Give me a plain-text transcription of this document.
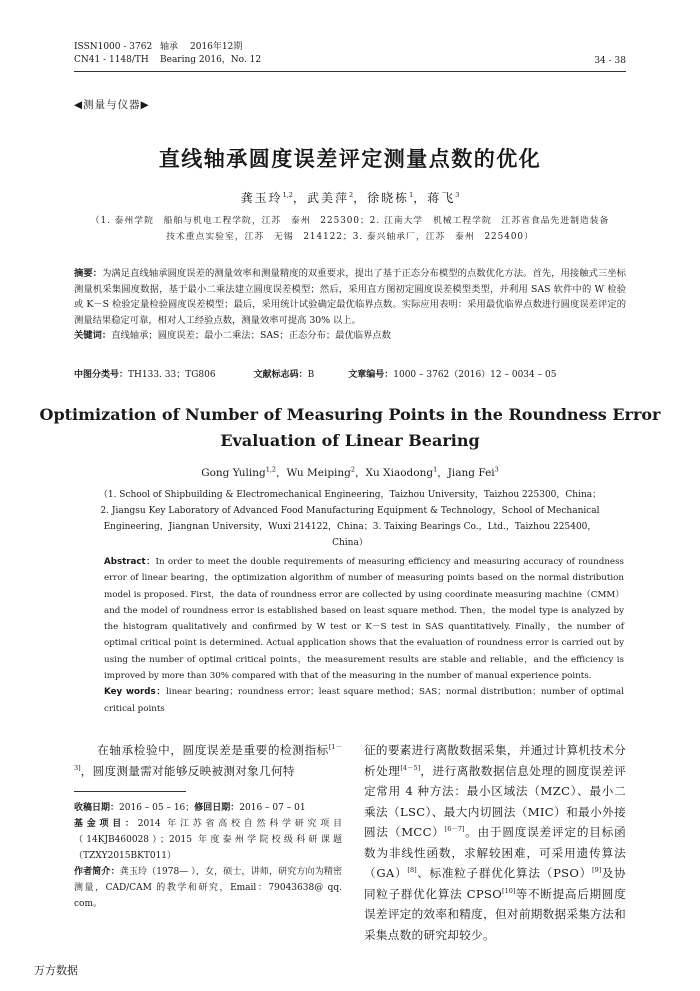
ISSN1000 - 3762 轴承 2016年12期
CN41 - 1148/TH Bearing 2016，No. 12	34 - 38
◀测量与仪器▶
直线轴承圆度误差评定测量点数的优化
龚玉玲$^{1,2}$，武美萍$^2$，徐晓栋$^1$，蒋飞$^3$
（1. 泰州学院　船舶与机电工程学院，江苏　泰州　225300；2. 江南大学　机械工程学院　江苏省食品先进制造装备技术重点实验室，江苏　无锡　214122；3. 泰兴轴承厂，江苏　泰州　225400）
摘要：为满足直线轴承圆度误差的测量效率和测量精度的双重要求，提出了基于正态分布模型的点数优化方法。首先，用接触式三坐标测量机采集圆度数据，基于最小二乘法建立圆度误差模型；然后，采用直方图初定圆度误差模型类型，并利用 SAS 软件中的 W 检验或 K－S 检验定量检验圆度误差模型；最后，采用统计试验确定最优临界点数。实际应用表明：采用最优临界点数进行圆度误差评定的测量结果稳定可靠，相对人工经验点数，测量效率可提高 30% 以上。
关键词：直线轴承；圆度误差；最小二乘法；SAS；正态分布；最优临界点数
中图分类号：TH133. 33；TG806	文献标志码：B	文章编号：1000 – 3762（2016）12 – 0034 – 05
Optimization of Number of Measuring Points in the Roundness Error Evaluation of Linear Bearing
Gong Yuling$^{1,2}$，Wu Meiping$^2$，Xu Xiaodong$^1$，Jiang Fei$^3$
（1. School of Shipbuilding & Electromechanical Engineering，Taizhou University，Taizhou 225300，China；2. Jiangsu Key Laboratory of Advanced Food Manufacturing Equipment & Technology，School of Mechanical Engineering，Jiangnan University，Wuxi 214122，China；3. Taixing Bearings Co.，Ltd.，Taizhou 225400，China）
Abstract：In order to meet the double requirements of measuring efficiency and measuring accuracy of roundness error of linear bearing，the optimization algorithm of number of measuring points based on the normal distribution model is proposed. First，the data of roundness error are collected by using coordinate measuring machine（CMM）and the model of roundness error is established based on least square method. Then，the model type is analyzed by the histogram qualitatively and confirmed by W test or K－S test in SAS quantitatively. Finally，the number of optimal critical point is determined. Actual application shows that the evaluation of roundness error is carried out by using the number of optimal critical points，the measurement results are stable and reliable，and the efficiency is improved by more than 30% compared with that of the measuring in the number of manual experience points.
Key words：linear bearing；roundness error；least square method；SAS；normal distribution；number of optimal critical points
在轴承检验中，圆度误差是重要的检测指标[1－3]，圆度测量需对能够反映被测对象几何特
收稿日期：2016 – 05 – 16；修回日期：2016 – 07 – 01
基金项目：2014 年江苏省高校自然科学研究项目（14KJB460028）；2015 年度泰州学院校级科研课题（TZXY2015BKT011）
作者简介：龚玉玲（1978— ），女，硕士，讲师，研究方向为精密测量，CAD/CAM 的教学和研究，Email：79043638@ qq. com。
征的要素进行离散数据采集，并通过计算机技术分析处理[4－5]，进行离散数据信息处理的圆度误差评定常用 4 种方法：最小区域法（MZC）、最小二乘法（LSC）、最大内切圆法（MIC）和最小外接圆法（MCC）[6－7]。由于圆度误差评定的目标函数为非线性函数，求解较困难，可采用遗传算法（GA）[8]、标准粒子群优化算法（PSO）[9]及协同粒子群优化算法 CPSO[10]等不断提高后期圆度误差评定的效率和精度，但对前期数据采集方法和采集点数的研究却较少。
万方数据
